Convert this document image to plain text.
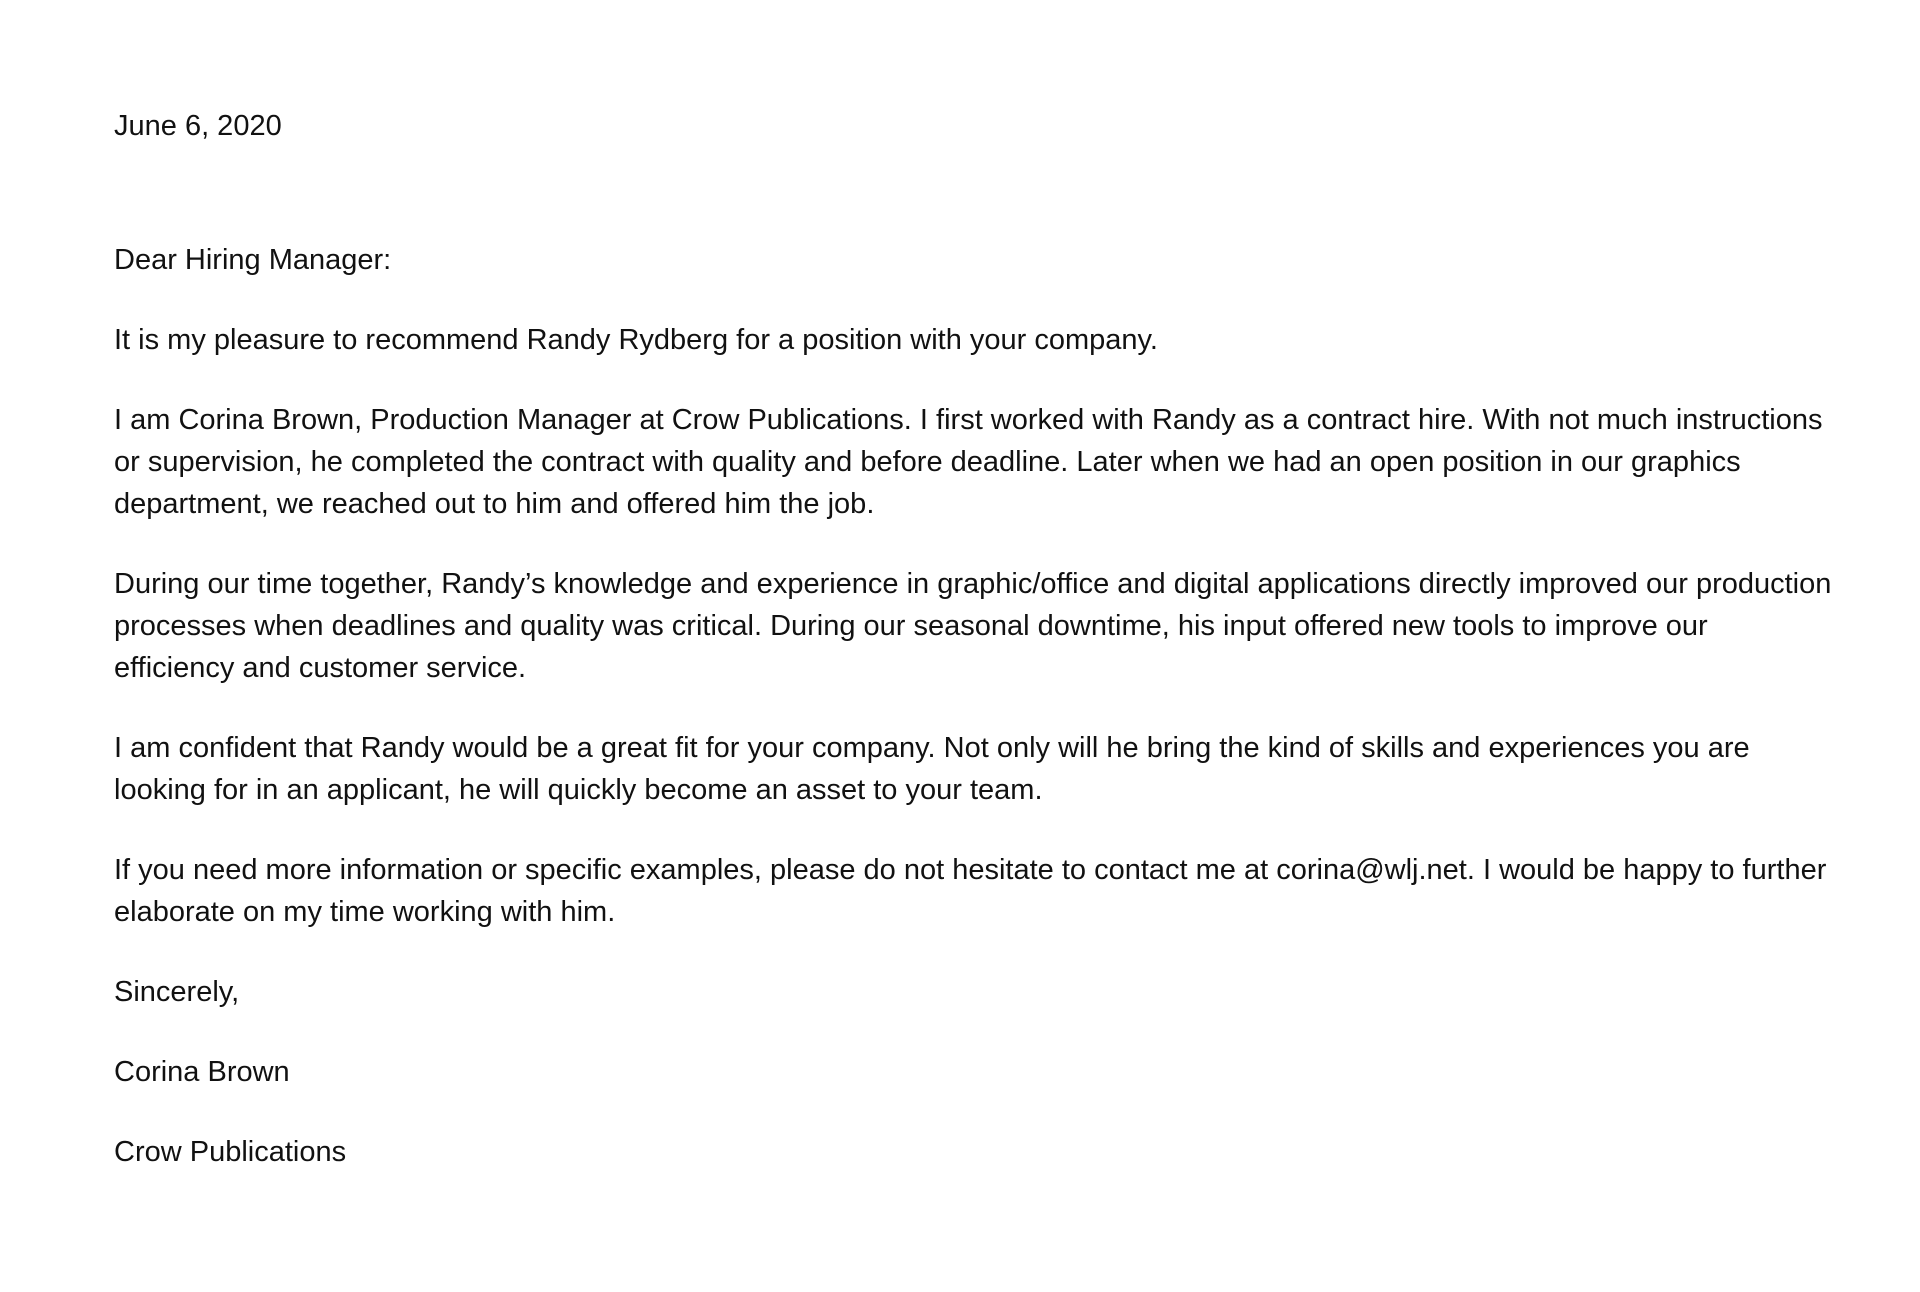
June 6, 2020

Dear Hiring Manager:

It is my pleasure to recommend Randy Rydberg for a position with your company.

I am Corina Brown, Production Manager at Crow Publications. I first worked with Randy as a contract hire. With not much instructions or supervision, he completed the contract with quality and before deadline. Later when we had an open position in our graphics department, we reached out to him and offered him the job.

During our time together, Randy’s knowledge and experience in graphic/office and digital applications directly improved our production processes when deadlines and quality was critical. During our seasonal downtime, his input offered new tools to improve our efficiency and customer service.

I am confident that Randy would be a great fit for your company. Not only will he bring the kind of skills and experiences you are looking for in an applicant, he will quickly become an asset to your team.

If you need more information or specific examples, please do not hesitate to contact me at corina@wlj.net. I would be happy to further elaborate on my time working with him.

Sincerely,

Corina Brown

Crow Publications
